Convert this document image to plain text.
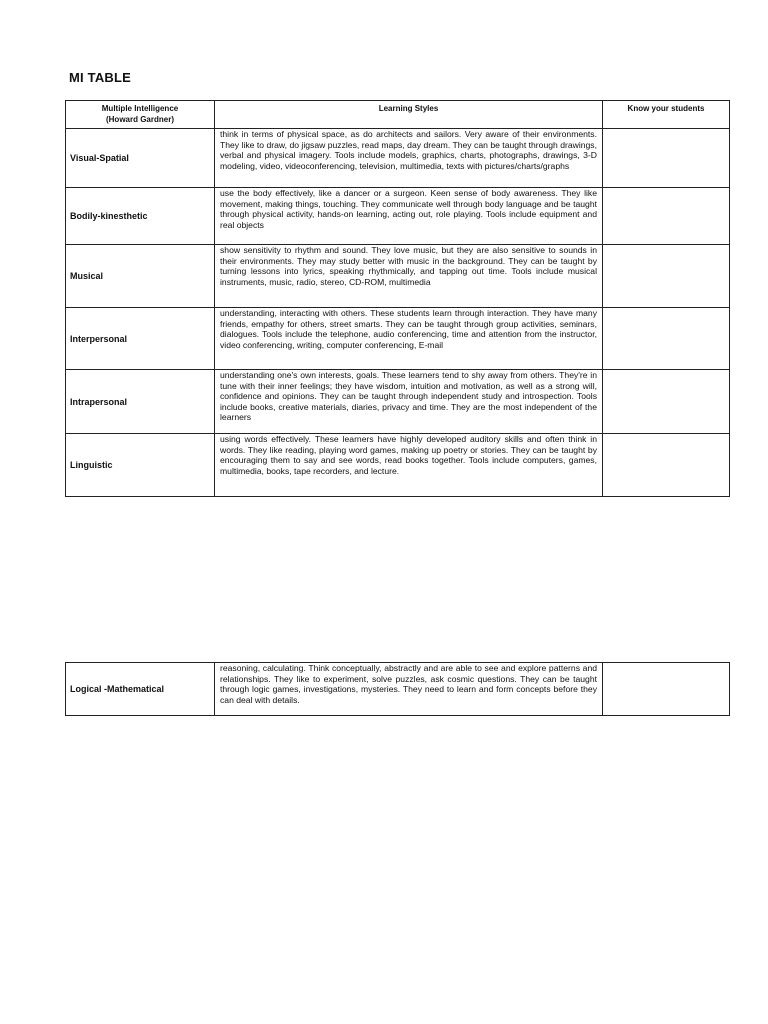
MI TABLE
Multiple Intelligence
(Howard Gardner)	Learning Styles	Know your students
Visual-Spatial	think in terms of physical space, as do architects and sailors. Very aware of their environments. They like to draw, do jigsaw puzzles, read maps, day dream. They can be taught through drawings, verbal and physical imagery. Tools include models, graphics, charts, photographs, drawings, 3-D modeling, video, videoconferencing, television, multimedia, texts with pictures/charts/graphs	
Bodily-kinesthetic	use the body effectively, like a dancer or a surgeon. Keen sense of body awareness. They like movement, making things, touching. They communicate well through body language and be taught through physical activity, hands-on learning, acting out, role playing. Tools include equipment and real objects	
Musical	show sensitivity to rhythm and sound. They love music, but they are also sensitive to sounds in their environments. They may study better with music in the background. They can be taught by turning lessons into lyrics, speaking rhythmically, and tapping out time. Tools include musical instruments, music, radio, stereo, CD-ROM, multimedia	
Interpersonal	understanding, interacting with others. These students learn through interaction. They have many friends, empathy for others, street smarts. They can be taught through group activities, seminars, dialogues. Tools include the telephone, audio conferencing, time and attention from the instructor, video conferencing, writing, computer conferencing, E-mail	
Intrapersonal	understanding one's own interests, goals. These learners tend to shy away from others. They're in tune with their inner feelings; they have wisdom, intuition and motivation, as well as a strong will, confidence and opinions. They can be taught through independent study and introspection. Tools include books, creative materials, diaries, privacy and time. They are the most independent of the learners	
Linguistic	using words effectively. These learners have highly developed auditory skills and often think in words. They like reading, playing word games, making up poetry or stories. They can be taught by encouraging them to say and see words, read books together. Tools include computers, games, multimedia, books, tape recorders, and lecture.	
Logical -Mathematical	reasoning, calculating. Think conceptually, abstractly and are able to see and explore patterns and relationships. They like to experiment, solve puzzles, ask cosmic questions. They can be taught through logic games, investigations, mysteries. They need to learn and form concepts before they can deal with details.	
